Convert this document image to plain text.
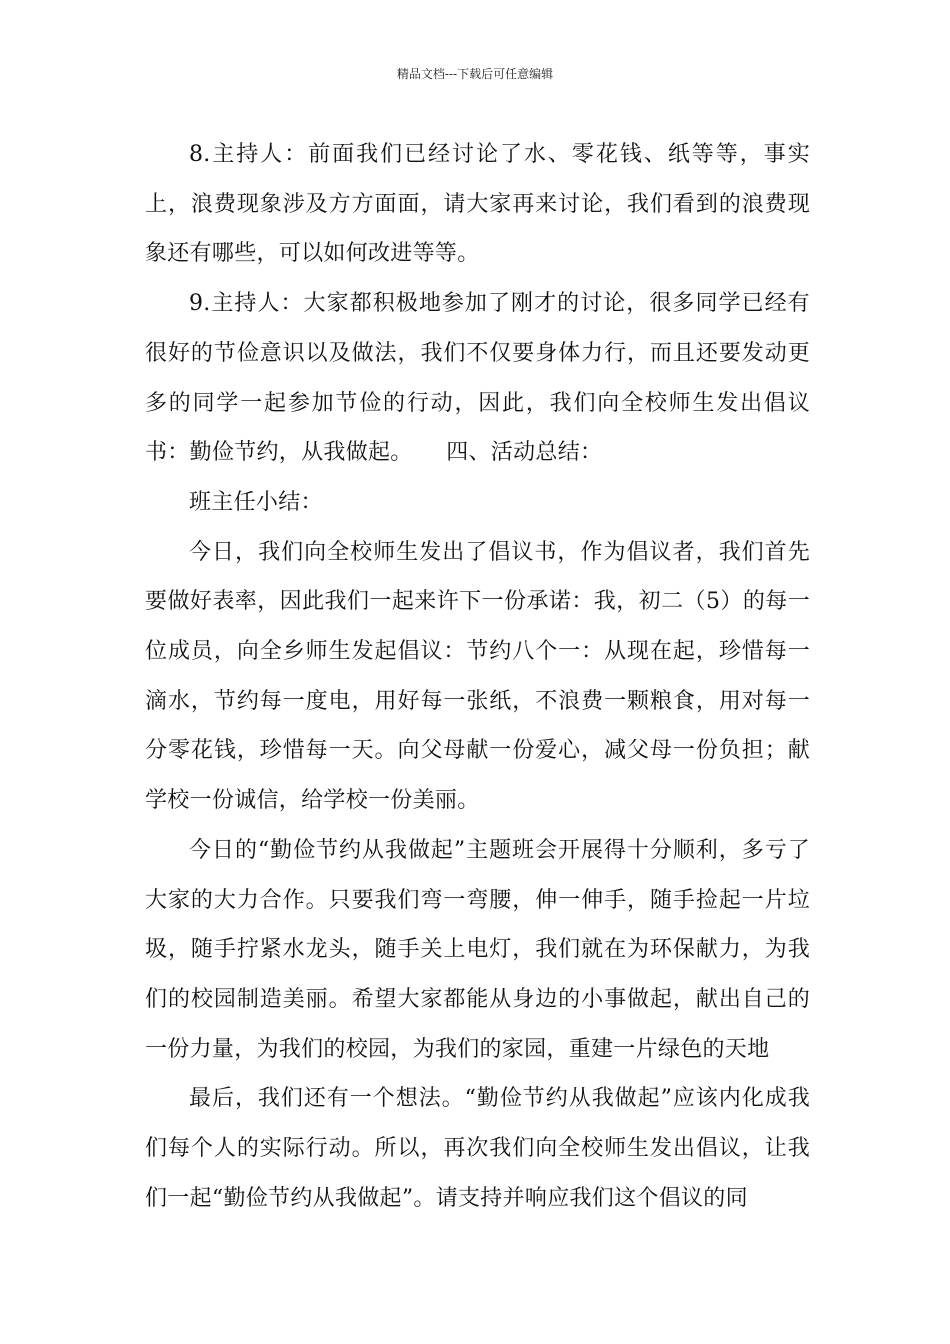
精品文档---下载后可任意编辑

8.主持人：前面我们已经讨论了水、零花钱、纸等等，事实上，浪费现象涉及方方面面，请大家再来讨论，我们看到的浪费现象还有哪些，可以如何改进等等。

9.主持人：大家都积极地参加了刚才的讨论，很多同学已经有很好的节俭意识以及做法，我们不仅要身体力行，而且还要发动更多的同学一起参加节俭的行动，因此，我们向全校师生发出倡议书：勤俭节约，从我做起。　　四、活动总结：

班主任小结：

今日，我们向全校师生发出了倡议书，作为倡议者，我们首先要做好表率，因此我们一起来许下一份承诺：我，初二（5）的每一位成员，向全乡师生发起倡议：节约八个一：从现在起，珍惜每一滴水，节约每一度电，用好每一张纸，不浪费一颗粮食，用对每一分零花钱，珍惜每一天。向父母献一份爱心，减父母一份负担；献学校一份诚信，给学校一份美丽。

今日的“勤俭节约从我做起”主题班会开展得十分顺利，多亏了大家的大力合作。只要我们弯一弯腰，伸一伸手，随手捡起一片垃圾，随手拧紧水龙头，随手关上电灯，我们就在为环保献力，为我们的校园制造美丽。希望大家都能从身边的小事做起，献出自己的一份力量，为我们的校园，为我们的家园，重建一片绿色的天地

最后，我们还有一个想法。“勤俭节约从我做起”应该内化成我们每个人的实际行动。所以，再次我们向全校师生发出倡议，让我们一起“勤俭节约从我做起”。请支持并响应我们这个倡议的同
